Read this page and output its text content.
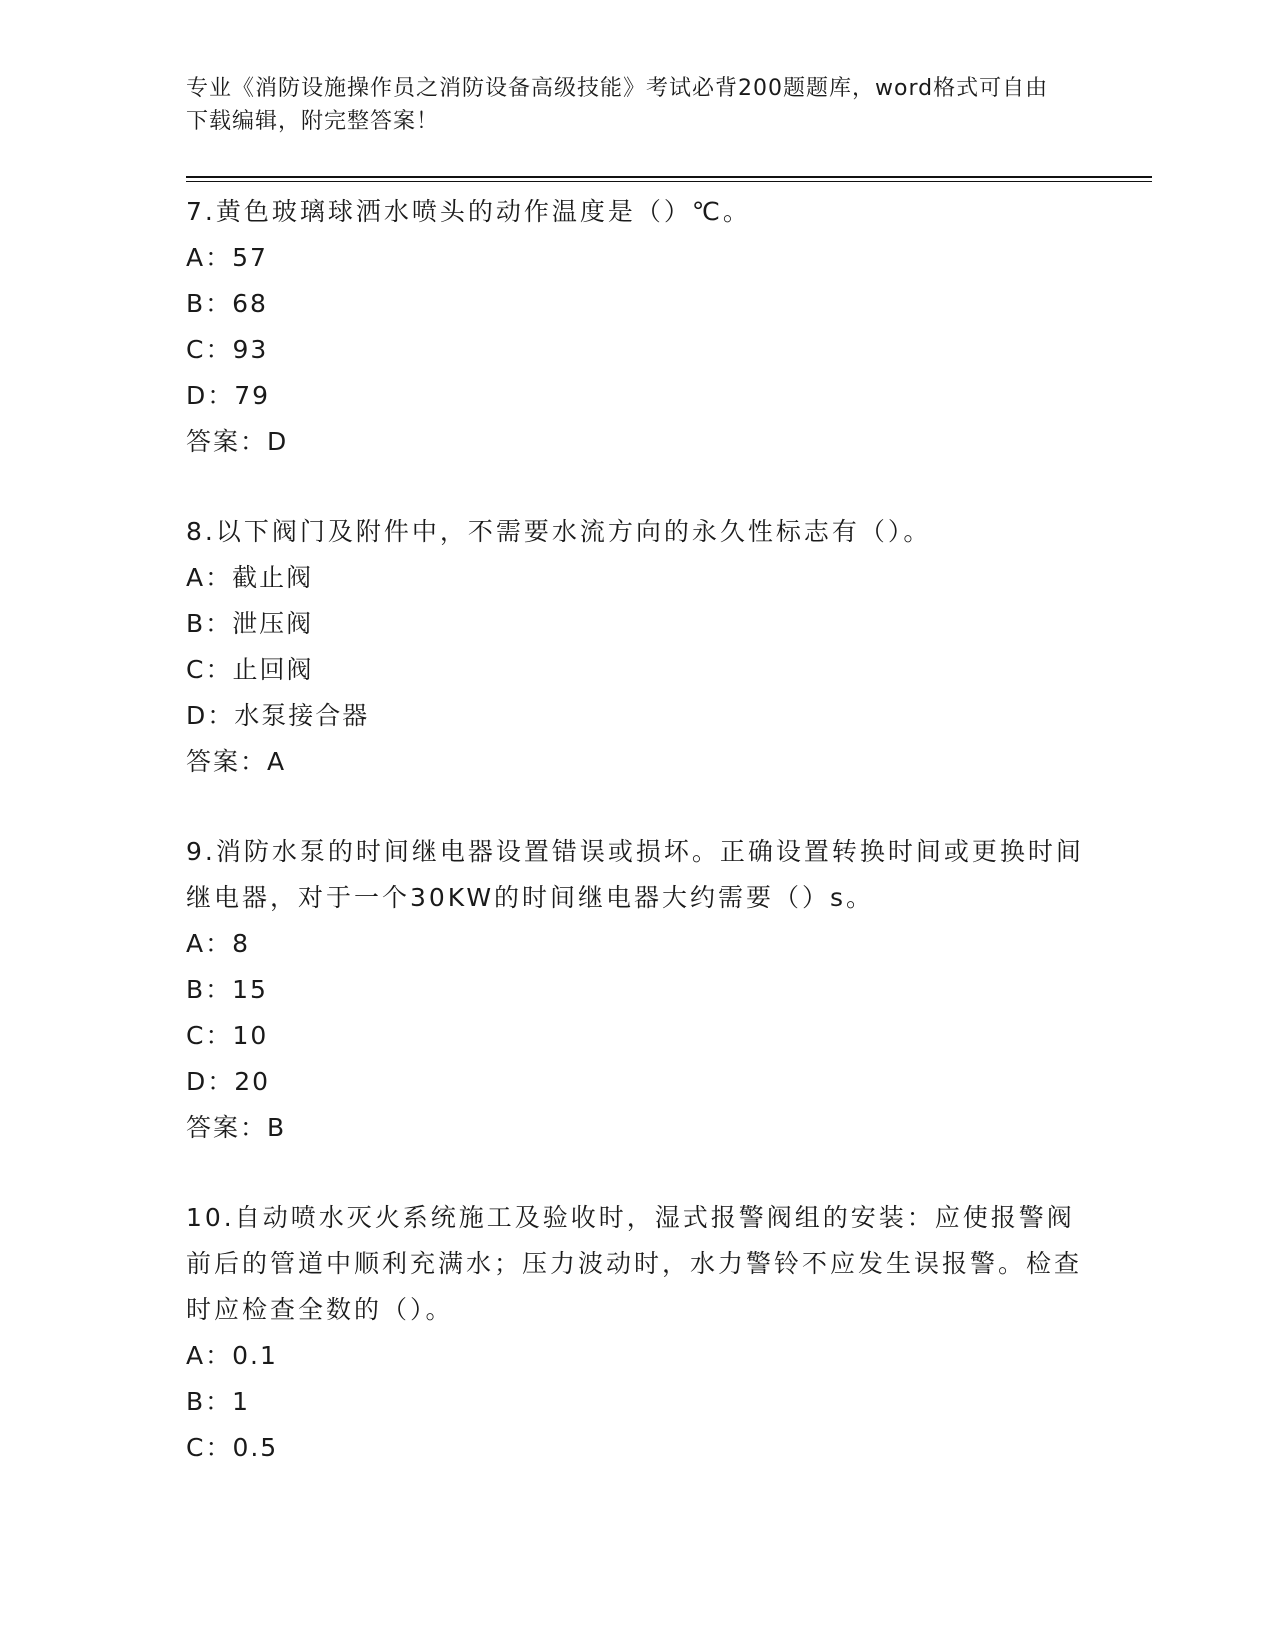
专业《消防设施操作员之消防设备高级技能》考试必背200题题库，word格式可自由下载编辑，附完整答案！
7.黄色玻璃球洒水喷头的动作温度是（）℃。
A：57
B：68
C：93
D：79
答案：D
8.以下阀门及附件中，不需要水流方向的永久性标志有（）。
A：截止阀
B：泄压阀
C：止回阀
D：水泵接合器
答案：A
9.消防水泵的时间继电器设置错误或损坏。正确设置转换时间或更换时间继电器，对于一个30KW的时间继电器大约需要（）s。
A：8
B：15
C：10
D：20
答案：B
10.自动喷水灭火系统施工及验收时，湿式报警阀组的安装：应使报警阀前后的管道中顺利充满水；压力波动时，水力警铃不应发生误报警。检查时应检查全数的（）。
A：0.1
B：1
C：0.5
